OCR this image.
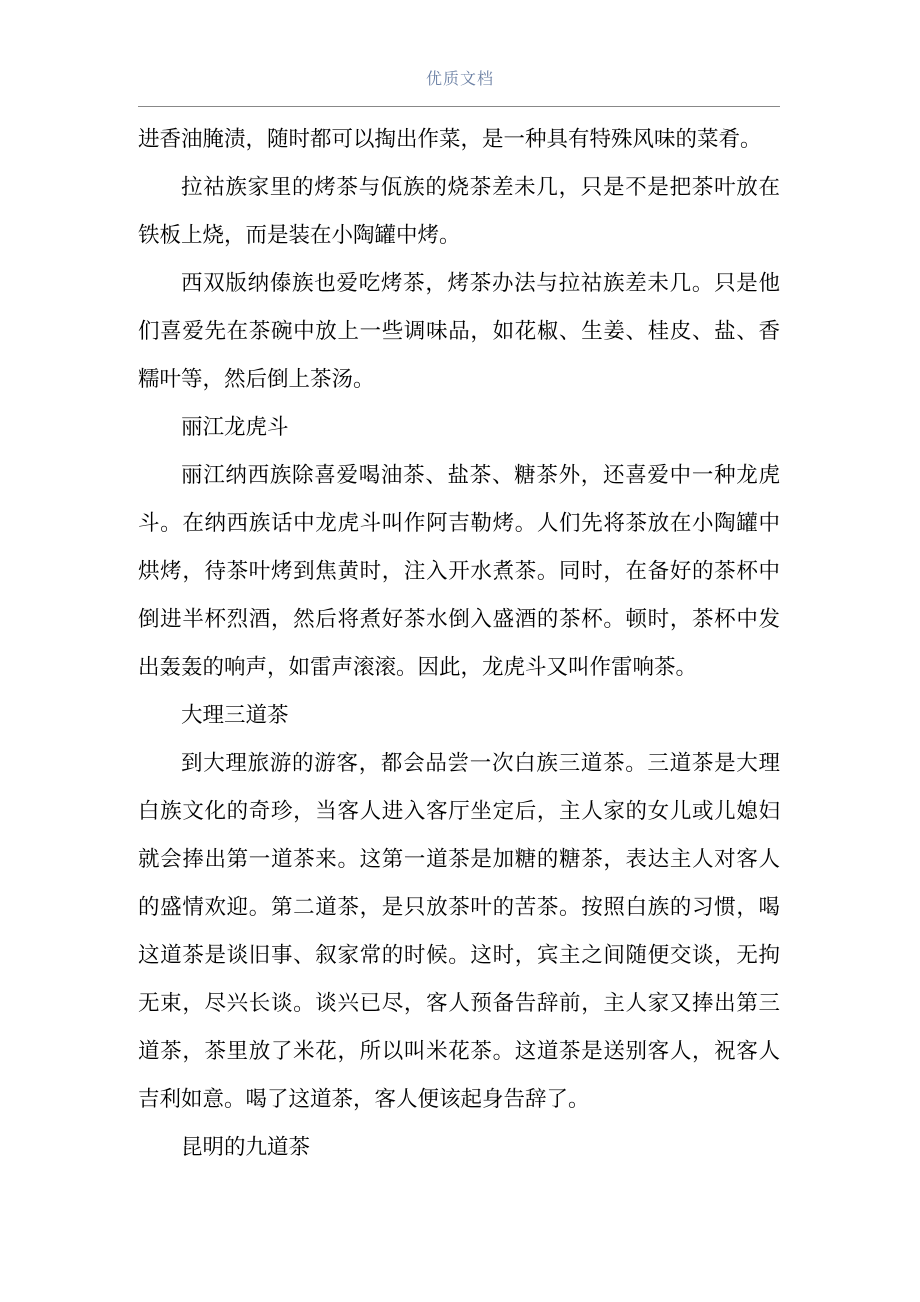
优质文档

进香油腌渍，随时都可以掏出作菜，是一种具有特殊风味的菜肴。

拉祜族家里的烤茶与佤族的烧茶差未几，只是不是把茶叶放在铁板上烧，而是装在小陶罐中烤。

西双版纳傣族也爱吃烤茶，烤茶办法与拉祜族差未几。只是他们喜爱先在茶碗中放上一些调味品，如花椒、生姜、桂皮、盐、香糯叶等，然后倒上茶汤。

丽江龙虎斗

丽江纳西族除喜爱喝油茶、盐茶、糖茶外，还喜爱中一种龙虎斗。在纳西族话中龙虎斗叫作阿吉勒烤。人们先将茶放在小陶罐中烘烤，待茶叶烤到焦黄时，注入开水煮茶。同时，在备好的茶杯中倒进半杯烈酒，然后将煮好茶水倒入盛酒的茶杯。顿时，茶杯中发出轰轰的响声，如雷声滚滚。因此，龙虎斗又叫作雷响茶。

大理三道茶

到大理旅游的游客，都会品尝一次白族三道茶。三道茶是大理白族文化的奇珍，当客人进入客厅坐定后，主人家的女儿或儿媳妇就会捧出第一道茶来。这第一道茶是加糖的糖茶，表达主人对客人的盛情欢迎。第二道茶，是只放茶叶的苦茶。按照白族的习惯，喝这道茶是谈旧事、叙家常的时候。这时，宾主之间随便交谈，无拘无束，尽兴长谈。谈兴已尽，客人预备告辞前，主人家又捧出第三道茶，茶里放了米花，所以叫米花茶。这道茶是送别客人，祝客人吉利如意。喝了这道茶，客人便该起身告辞了。

昆明的九道茶
